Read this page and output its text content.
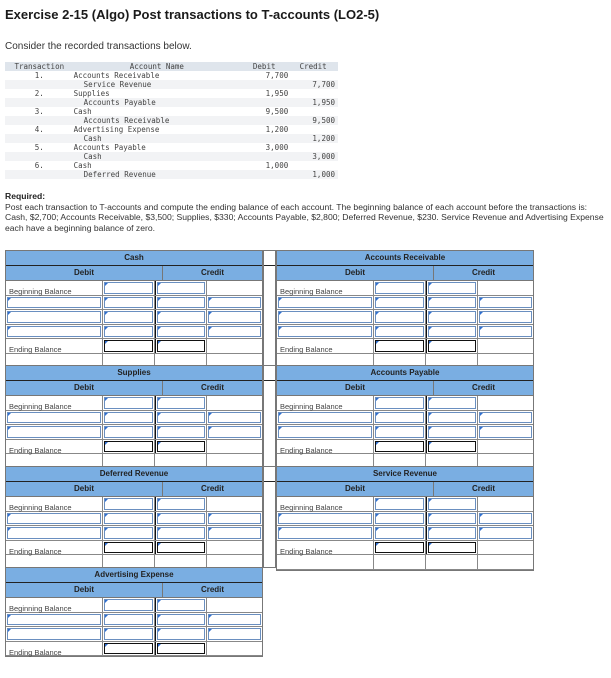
Exercise 2-15 (Algo) Post transactions to T-accounts (LO2-5)
Consider the recorded transactions below.
Transaction	Account Name	Debit	Credit
1.	Accounts Receivable	7,700	
	Service Revenue		7,700
2.	Supplies	1,950	
	Accounts Payable		1,950
3.	Cash	9,500	
	Accounts Receivable		9,500
4.	Advertising Expense	1,200	
	Cash		1,200
5.	Accounts Payable	3,000	
	Cash		3,000
6.	Cash	1,000	
	Deferred Revenue		1,000
Required:
Post each transaction to T-accounts and compute the ending balance of each account. The beginning balance of each account before the transactions is: Cash, $2,700; Accounts Receivable, $3,500; Supplies, $330; Accounts Payable, $2,800; Deferred Revenue, $230. Service Revenue and Advertising Expense each have a beginning balance of zero.
Cash
Debit	Credit
Beginning Balance
Ending Balance
Accounts Receivable
Debit	Credit
Beginning Balance
Ending Balance
Supplies
Debit	Credit
Beginning Balance
Ending Balance
Accounts Payable
Debit	Credit
Beginning Balance
Ending Balance
Deferred Revenue
Debit	Credit
Beginning Balance
Ending Balance
Service Revenue
Debit	Credit
Beginning Balance
Ending Balance
Advertising Expense
Debit	Credit
Beginning Balance
Ending Balance
